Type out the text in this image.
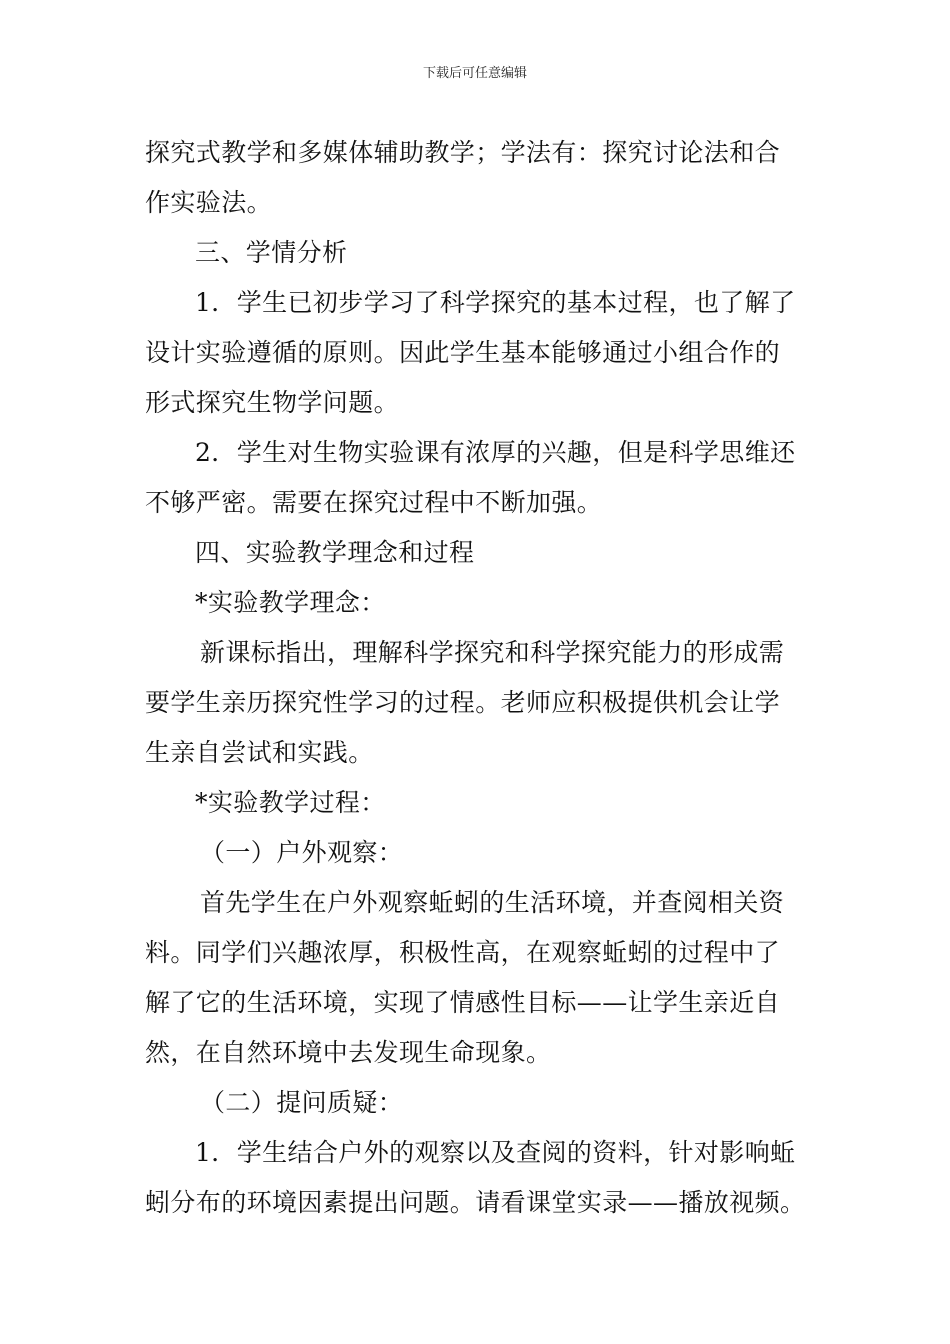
下载后可任意编辑

探究式教学和多媒体辅助教学；学法有：探究讨论法和合

作实验法。

三、学情分析

1．学生已初步学习了科学探究的基本过程，也了解了

设计实验遵循的原则。因此学生基本能够通过小组合作的

形式探究生物学问题。

2．学生对生物实验课有浓厚的兴趣，但是科学思维还

不够严密。需要在探究过程中不断加强。

四、实验教学理念和过程

*实验教学理念：

新课标指出，理解科学探究和科学探究能力的形成需

要学生亲历探究性学习的过程。老师应积极提供机会让学

生亲自尝试和实践。

*实验教学过程：

（一）户外观察：

首先学生在户外观察蚯蚓的生活环境，并查阅相关资

料。同学们兴趣浓厚，积极性高，在观察蚯蚓的过程中了

解了它的生活环境，实现了情感性目标——让学生亲近自

然，在自然环境中去发现生命现象。

（二）提问质疑：

1．学生结合户外的观察以及查阅的资料，针对影响蚯

蚓分布的环境因素提出问题。请看课堂实录——播放视频。
